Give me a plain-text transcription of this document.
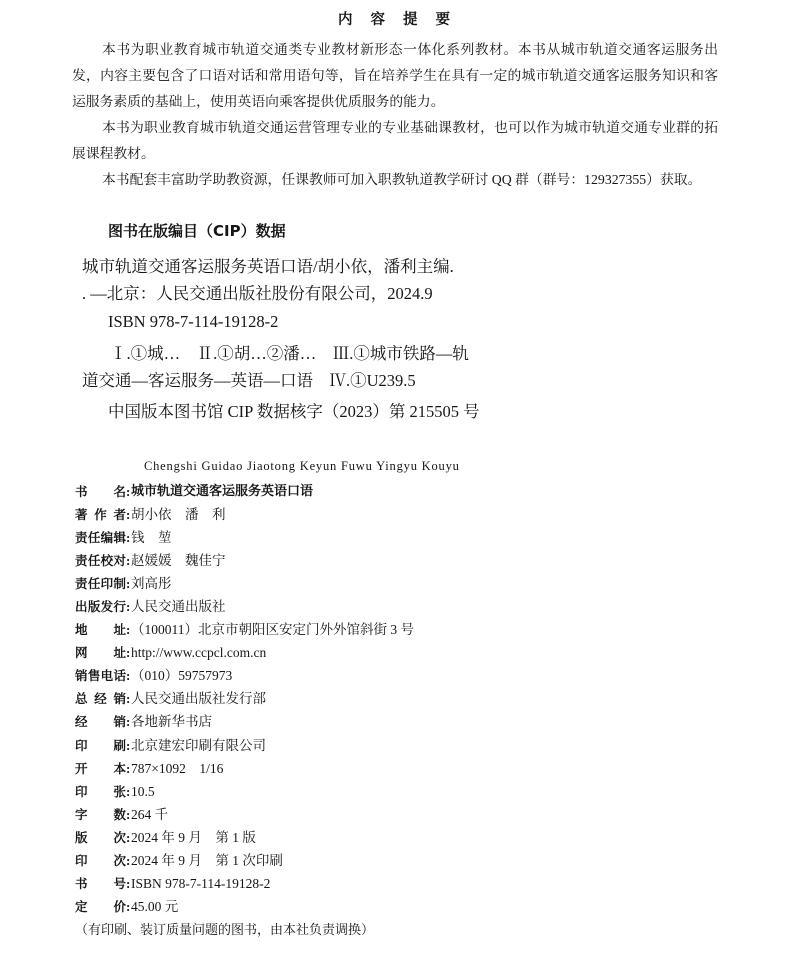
内容提要
本书为职业教育城市轨道交通类专业教材新形态一体化系列教材。本书从城市轨道交通客运服务出
发，内容主要包含了口语对话和常用语句等，旨在培养学生在具有一定的城市轨道交通客运服务知识和客
运服务素质的基础上，使用英语向乘客提供优质服务的能力。
本书为职业教育城市轨道交通运营管理专业的专业基础课教材，也可以作为城市轨道交通专业群的拓
展课程教材。
本书配套丰富助学助教资源，任课教师可加入职教轨道教学研讨 QQ 群（群号：129327355）获取。
图书在版编目（CIP）数据
城市轨道交通客运服务英语口语/胡小依，潘利主编.
. —北京：人民交通出版社股份有限公司，2024.9
ISBN 978-7-114-19128-2
Ⅰ.①城…　Ⅱ.①胡…②潘…　Ⅲ.①城市铁路—轨
道交通—客运服务—英语—口语　Ⅳ.①U239.5
中国版本图书馆 CIP 数据核字（2023）第 215505 号
Chengshi Guidao Jiaotong Keyun Fuwu Yingyu Kouyu
书 名 : 城市轨道交通客运服务英语口语
著 作 者 : 胡小依　潘　利
责任编辑 : 钱　堃
责任校对 : 赵媛媛　魏佳宁
责任印制 : 刘高彤
出版发行 : 人民交通出版社
地 址 : （100011）北京市朝阳区安定门外外馆斜街 3 号
网 址 : http://www.ccpcl.com.cn
销售电话 : （010）59757973
总 经 销 : 人民交通出版社发行部
经 销 : 各地新华书店
印 刷 : 北京建宏印刷有限公司
开 本 : 787×1092　1/16
印 张 : 10.5
字 数 : 264 千
版 次 : 2024 年 9 月　第 1 版
印 次 : 2024 年 9 月　第 1 次印刷
书 号 : ISBN 978-7-114-19128-2
定 价 : 45.00 元
（有印刷、装订质量问题的图书，由本社负责调换）
